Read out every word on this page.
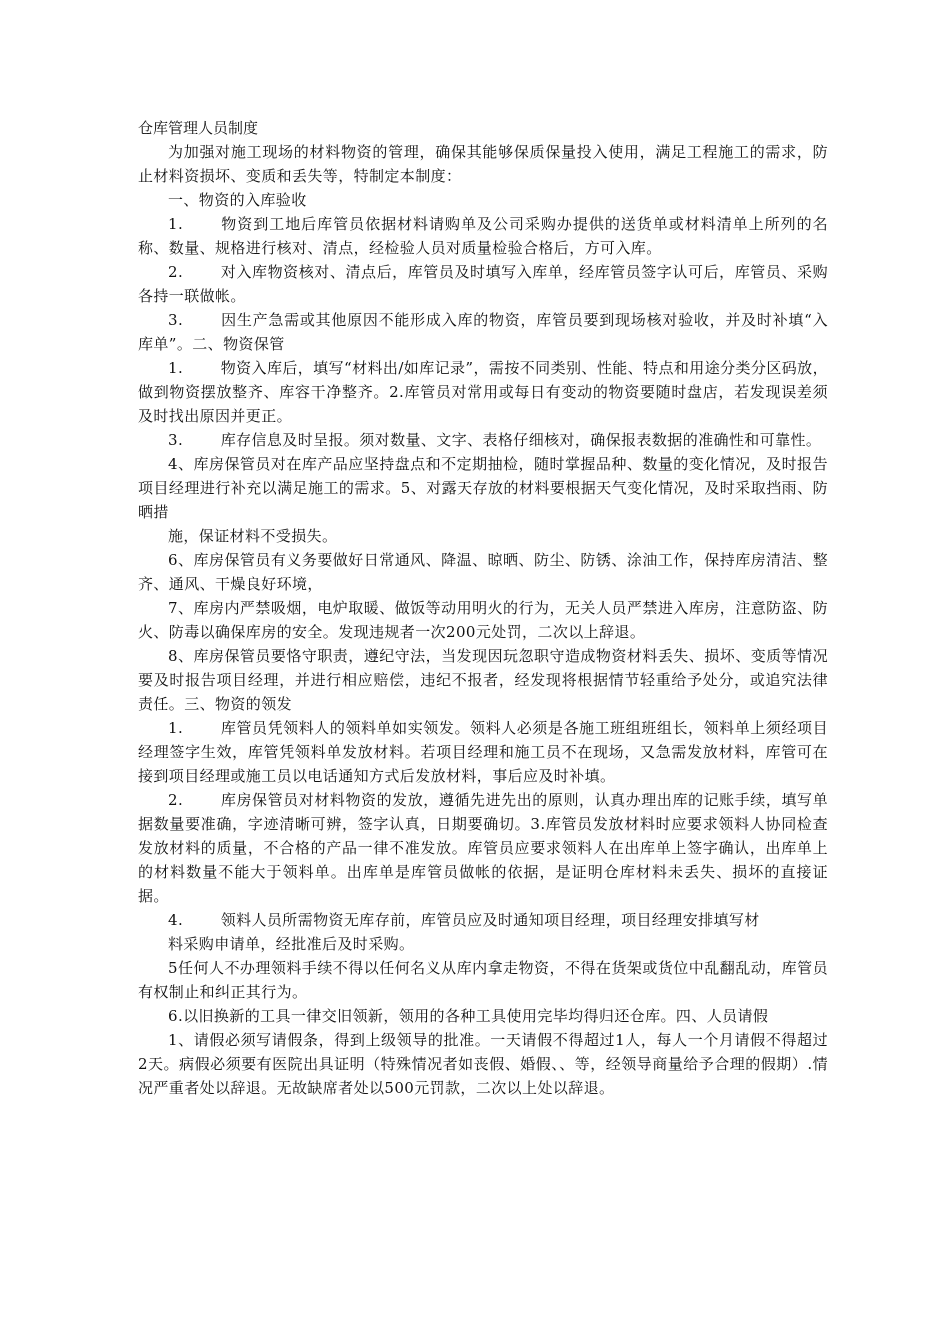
仓库管理人员制度

为加强对施工现场的材料物资的管理，确保其能够保质保量投入使用，满足工程施工的需求，防止材料资损坏、变质和丢失等，特制定本制度：

一、物资的入库验收

1.	物资到工地后库管员依据材料请购单及公司采购办提供的送货单或材料清单上所列的名称、数量、规格进行核对、清点，经检验人员对质量检验合格后，方可入库。

2.	对入库物资核对、清点后，库管员及时填写入库单，经库管员签字认可后，库管员、采购各持一联做帐。

3.	因生产急需或其他原因不能形成入库的物资，库管员要到现场核对验收，并及时补填“入库单”。二、物资保管

1.	物资入库后，填写“材料出/如库记录”，需按不同类别、性能、特点和用途分类分区码放，做到物资摆放整齐、库容干净整齐。2.库管员对常用或每日有变动的物资要随时盘店，若发现误差须及时找出原因并更正。

3.	库存信息及时呈报。须对数量、文字、表格仔细核对，确保报表数据的准确性和可靠性。

4、库房保管员对在库产品应坚持盘点和不定期抽检，随时掌握品种、数量的变化情况，及时报告项目经理进行补充以满足施工的需求。5、对露天存放的材料要根据天气变化情况，及时采取挡雨、防晒措

施，保证材料不受损失。

6、库房保管员有义务要做好日常通风、降温、晾晒、防尘、防锈、涂油工作，保持库房清洁、整齐、通风、干燥良好环境，

7、库房内严禁吸烟，电炉取暖、做饭等动用明火的行为，无关人员严禁进入库房，注意防盗、防火、防毒以确保库房的安全。发现违规者一次200元处罚，二次以上辞退。

8、库房保管员要恪守职责，遵纪守法，当发现因玩忽职守造成物资材料丢失、损坏、变质等情况要及时报告项目经理，并进行相应赔偿，违纪不报者，经发现将根据情节轻重给予处分，或追究法律责任。三、物资的领发

1.	库管员凭领料人的领料单如实领发。领料人必须是各施工班组班组长，领料单上须经项目经理签字生效，库管凭领料单发放材料。若项目经理和施工员不在现场，又急需发放材料，库管可在接到项目经理或施工员以电话通知方式后发放材料，事后应及时补填。

2.	库房保管员对材料物资的发放，遵循先进先出的原则，认真办理出库的记账手续，填写单据数量要准确，字迹清晰可辨，签字认真，日期要确切。3.库管员发放材料时应要求领料人协同检查发放材料的质量，不合格的产品一律不准发放。库管员应要求领料人在出库单上签字确认，出库单上的材料数量不能大于领料单。出库单是库管员做帐的依据，是证明仓库材料未丢失、损坏的直接证据。

4.	领料人员所需物资无库存前，库管员应及时通知项目经理，项目经理安排填写材

料采购申请单，经批准后及时采购。

5任何人不办理领料手续不得以任何名义从库内拿走物资，不得在货架或货位中乱翻乱动，库管员有权制止和纠正其行为。

6.以旧换新的工具一律交旧领新，领用的各种工具使用完毕均得归还仓库。四、人员请假

1、请假必须写请假条，得到上级领导的批准。一天请假不得超过1人，每人一个月请假不得超过2天。病假必须要有医院出具证明（特殊情况者如丧假、婚假、、等，经领导商量给予合理的假期）.情况严重者处以辞退。无故缺席者处以500元罚款，二次以上处以辞退。
